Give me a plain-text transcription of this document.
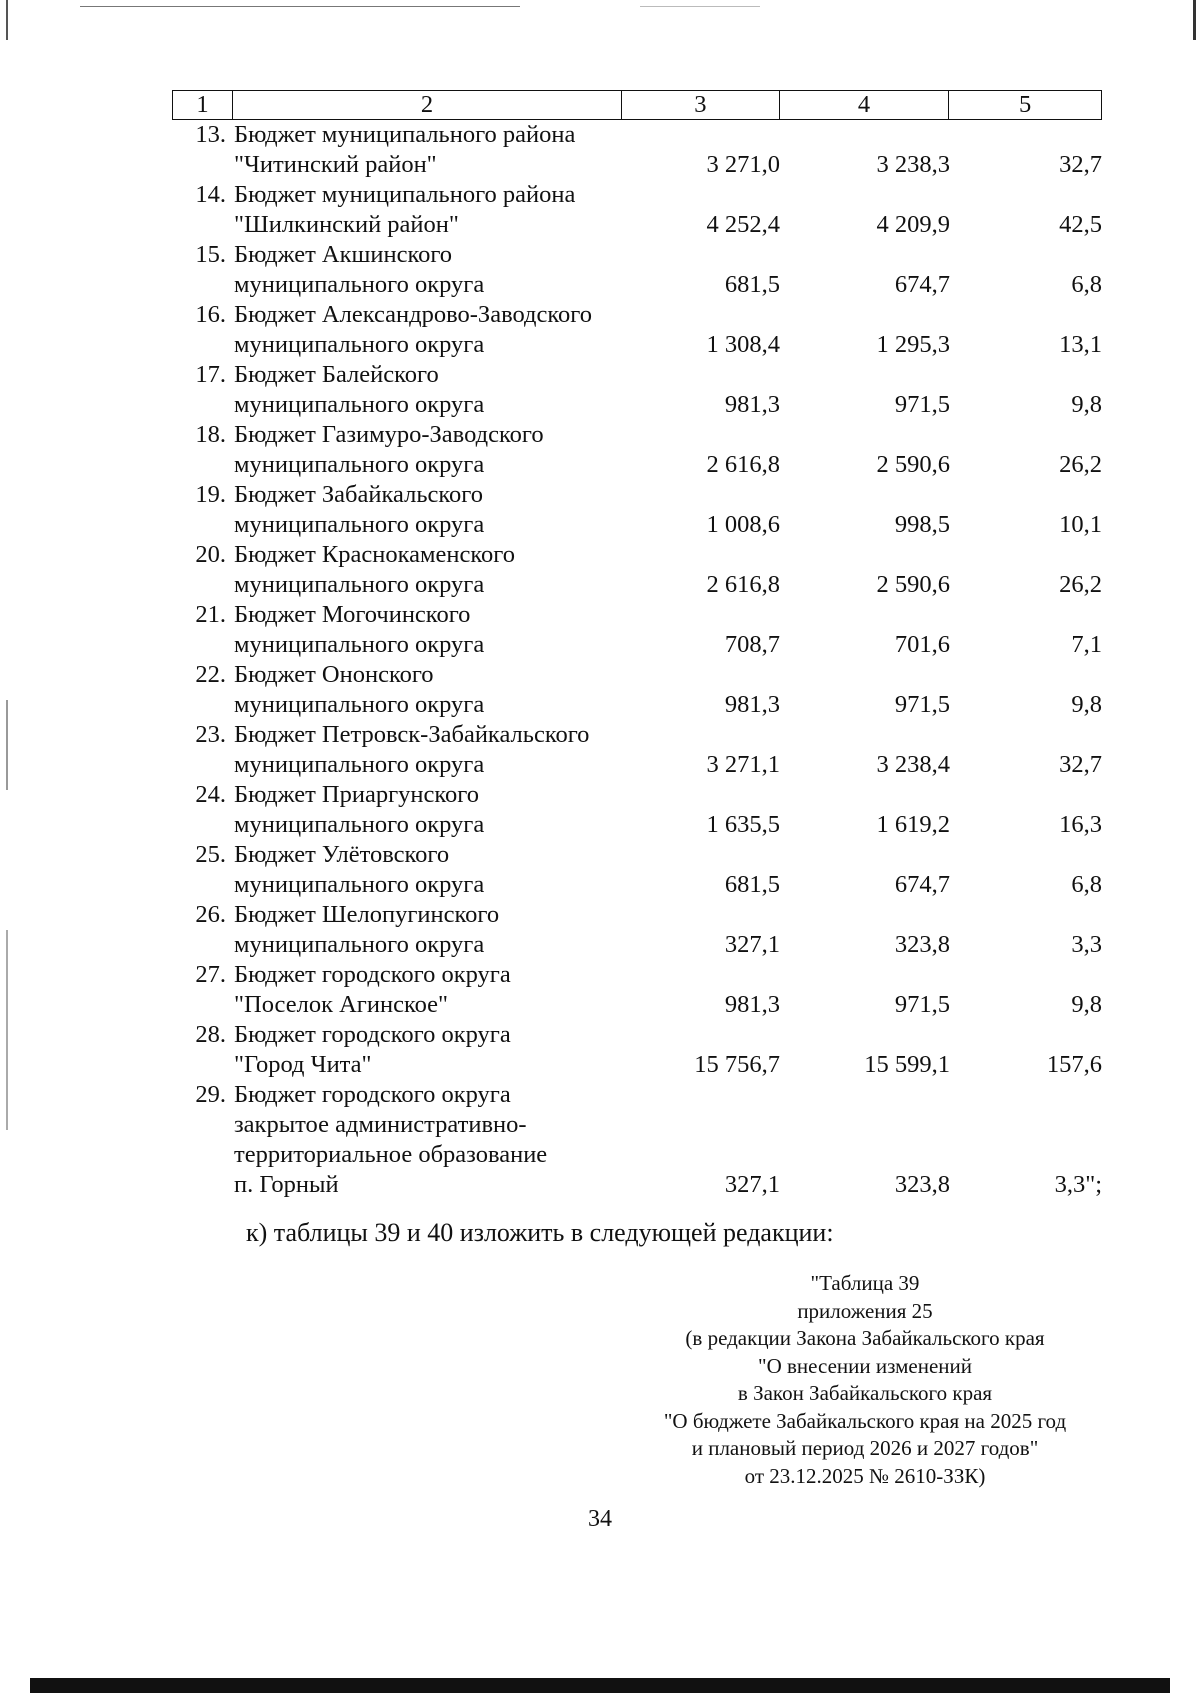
1	2	3	4	5
13. Бюджет муниципального района
"Читинский район"	3 271,0	3 238,3	32,7
14. Бюджет муниципального района
"Шилкинский район"	4 252,4	4 209,9	42,5
15. Бюджет Акшинского
муниципального округа	681,5	674,7	6,8
16. Бюджет Александрово-Заводского
муниципального округа	1 308,4	1 295,3	13,1
17. Бюджет Балейского
муниципального округа	981,3	971,5	9,8
18. Бюджет Газимуро-Заводского
муниципального округа	2 616,8	2 590,6	26,2
19. Бюджет Забайкальского
муниципального округа	1 008,6	998,5	10,1
20. Бюджет Краснокаменского
муниципального округа	2 616,8	2 590,6	26,2
21. Бюджет Могочинского
муниципального округа	708,7	701,6	7,1
22. Бюджет Ононского
муниципального округа	981,3	971,5	9,8
23. Бюджет Петровск-Забайкальского
муниципального округа	3 271,1	3 238,4	32,7
24. Бюджет Приаргунского
муниципального округа	1 635,5	1 619,2	16,3
25. Бюджет Улётовского
муниципального округа	681,5	674,7	6,8
26. Бюджет Шелопугинского
муниципального округа	327,1	323,8	3,3
27. Бюджет городского округа
"Поселок Агинское"	981,3	971,5	9,8
28. Бюджет городского округа
"Город Чита"	15 756,7	15 599,1	157,6
29. Бюджет городского округа
закрытое административно-
территориальное образование
п. Горный	327,1	323,8	3,3";
к) таблицы 39 и 40 изложить в следующей редакции:
"Таблица 39
приложения 25
(в редакции Закона Забайкальского края
"О внесении изменений
в Закон Забайкальского края
"О бюджете Забайкальского края на 2025 год
и плановый период 2026 и 2027 годов"
от 23.12.2025 № 2610-ЗЗК)
34
